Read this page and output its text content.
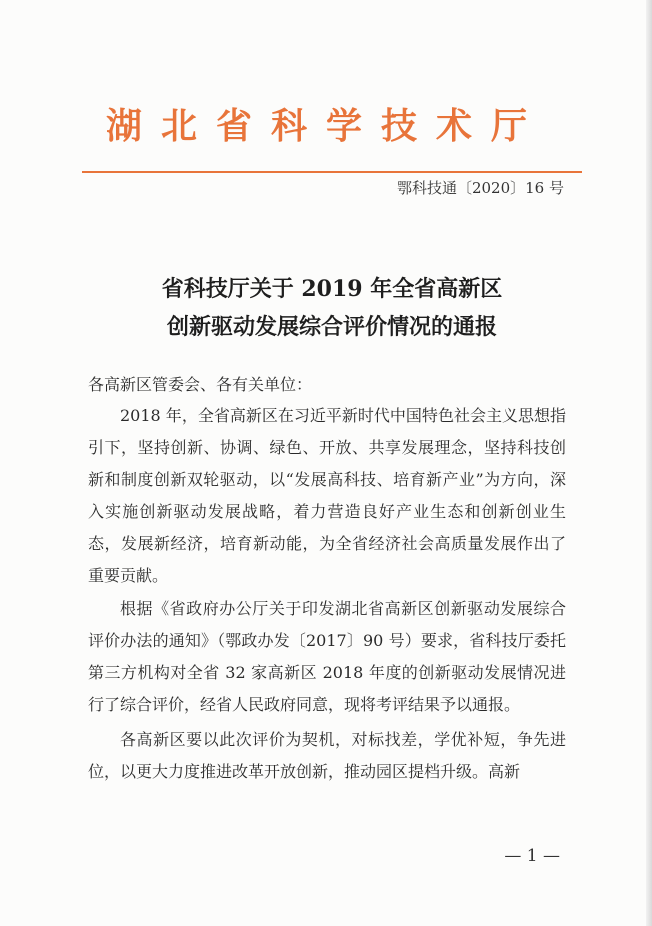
湖北省科学技术厅
鄂科技通〔2020〕16 号
省科技厅关于 2019 年全省高新区
创新驱动发展综合评价情况的通报
各高新区管委会、各有关单位：

2018 年，全省高新区在习近平新时代中国特色社会主义思想指引下，坚持创新、协调、绿色、开放、共享发展理念，坚持科技创新和制度创新双轮驱动，以“发展高科技、培育新产业”为方向，深入实施创新驱动发展战略，着力营造良好产业生态和创新创业生态，发展新经济，培育新动能，为全省经济社会高质量发展作出了重要贡献。

根据《省政府办公厅关于印发湖北省高新区创新驱动发展综合评价办法的通知》（鄂政办发〔2017〕90 号）要求，省科技厅委托第三方机构对全省 32 家高新区 2018 年度的创新驱动发展情况进行了综合评价，经省人民政府同意，现将考评结果予以通报。

各高新区要以此次评价为契机，对标找差，学优补短，争先进位，以更大力度推进改革开放创新，推动园区提档升级。高新

— 1 —
